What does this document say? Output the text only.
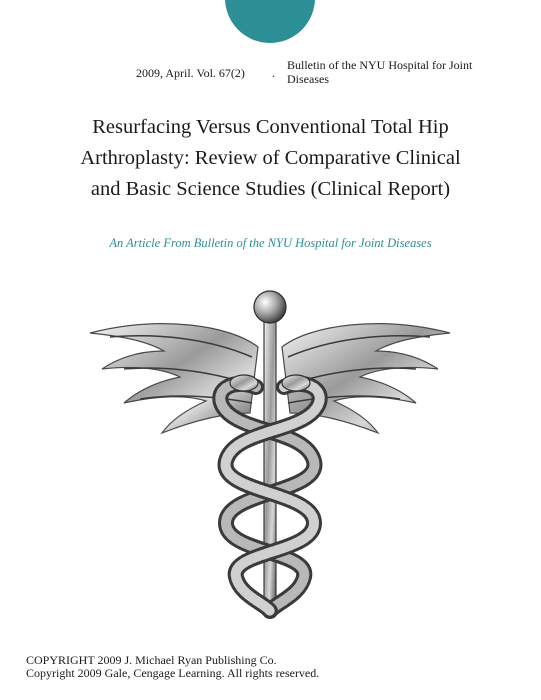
2009, April. Vol. 67(2) .
Bulletin of the NYU Hospital for Joint Diseases
Resurfacing Versus Conventional Total Hip
Arthroplasty: Review of Comparative Clinical
and Basic Science Studies (Clinical Report)
An Article From Bulletin of the NYU Hospital for Joint Diseases
COPYRIGHT 2009 J. Michael Ryan Publishing Co.
Copyright 2009 Gale, Cengage Learning. All rights reserved.
